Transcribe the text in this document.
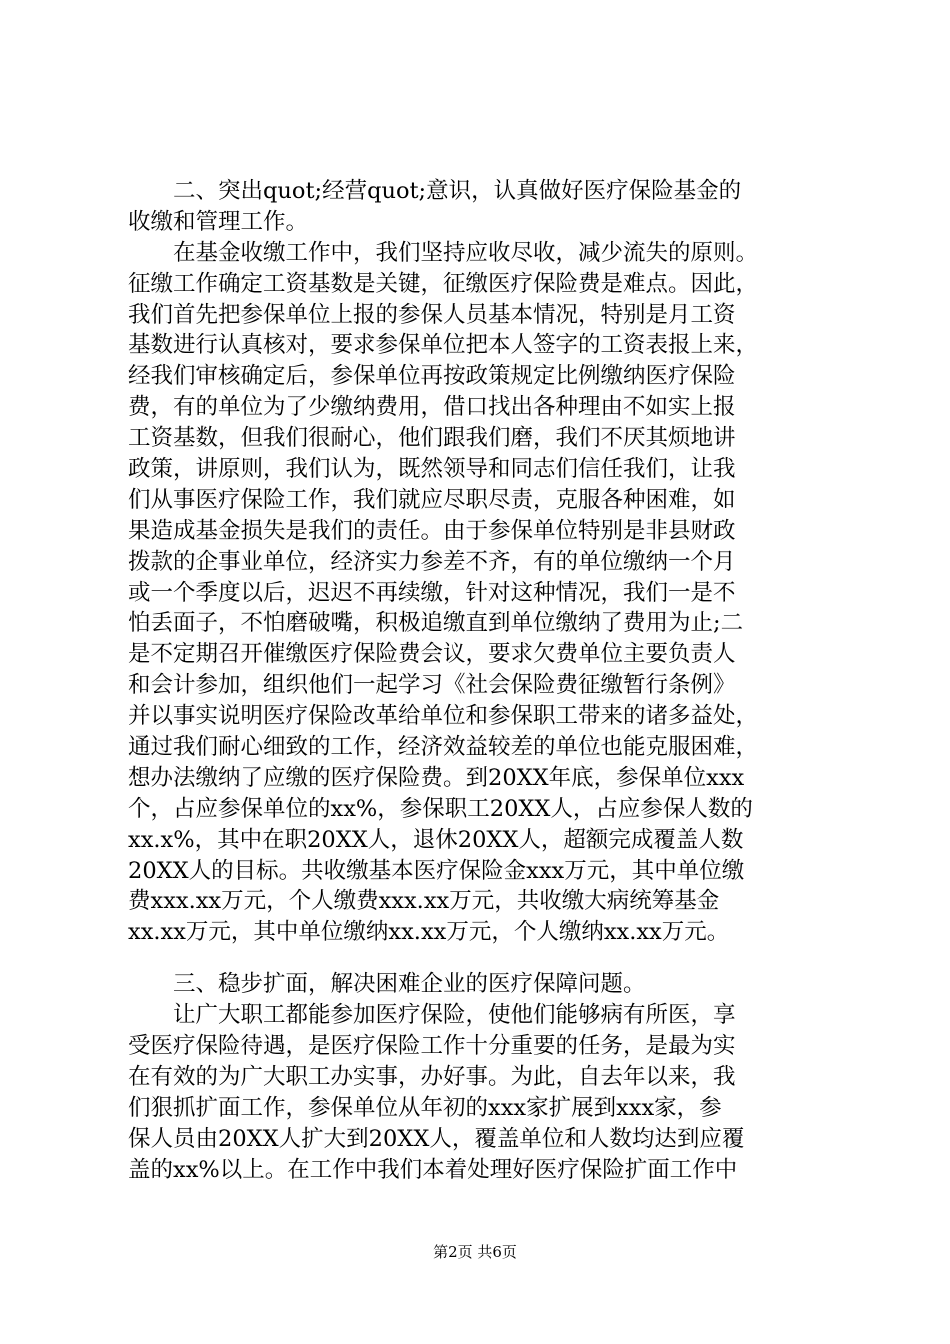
　　二、突出quot;经营quot;意识，认真做好医疗保险基金的
收缴和管理工作。
　　在基金收缴工作中，我们坚持应收尽收，减少流失的原则。
征缴工作确定工资基数是关键，征缴医疗保险费是难点。因此，
我们首先把参保单位上报的参保人员基本情况，特别是月工资
基数进行认真核对，要求参保单位把本人签字的工资表报上来，
经我们审核确定后，参保单位再按政策规定比例缴纳医疗保险
费，有的单位为了少缴纳费用，借口找出各种理由不如实上报
工资基数，但我们很耐心，他们跟我们磨，我们不厌其烦地讲
政策，讲原则，我们认为，既然领导和同志们信任我们，让我
们从事医疗保险工作，我们就应尽职尽责，克服各种困难，如
果造成基金损失是我们的责任。由于参保单位特别是非县财政
拨款的企事业单位，经济实力参差不齐，有的单位缴纳一个月
或一个季度以后，迟迟不再续缴，针对这种情况，我们一是不
怕丢面子，不怕磨破嘴，积极追缴直到单位缴纳了费用为止;二
是不定期召开催缴医疗保险费会议，要求欠费单位主要负责人
和会计参加，组织他们一起学习《社会保险费征缴暂行条例》
并以事实说明医疗保险改革给单位和参保职工带来的诸多益处，
通过我们耐心细致的工作，经济效益较差的单位也能克服困难，
想办法缴纳了应缴的医疗保险费。到20XX年底，参保单位xxx
个，占应参保单位的xx%，参保职工20XX人，占应参保人数的
xx.x%，其中在职20XX人，退休20XX人，超额完成覆盖人数
20XX人的目标。共收缴基本医疗保险金xxx万元，其中单位缴
费xxx.xx万元，个人缴费xxx.xx万元，共收缴大病统筹基金
xx.xx万元，其中单位缴纳xx.xx万元，个人缴纳xx.xx万元。
　　三、稳步扩面，解决困难企业的医疗保障问题。
　　让广大职工都能参加医疗保险，使他们能够病有所医，享
受医疗保险待遇，是医疗保险工作十分重要的任务，是最为实
在有效的为广大职工办实事，办好事。为此，自去年以来，我
们狠抓扩面工作，参保单位从年初的xxx家扩展到xxx家，参
保人员由20XX人扩大到20XX人，覆盖单位和人数均达到应覆
盖的xx%以上。在工作中我们本着处理好医疗保险扩面工作中
第2页 共6页
